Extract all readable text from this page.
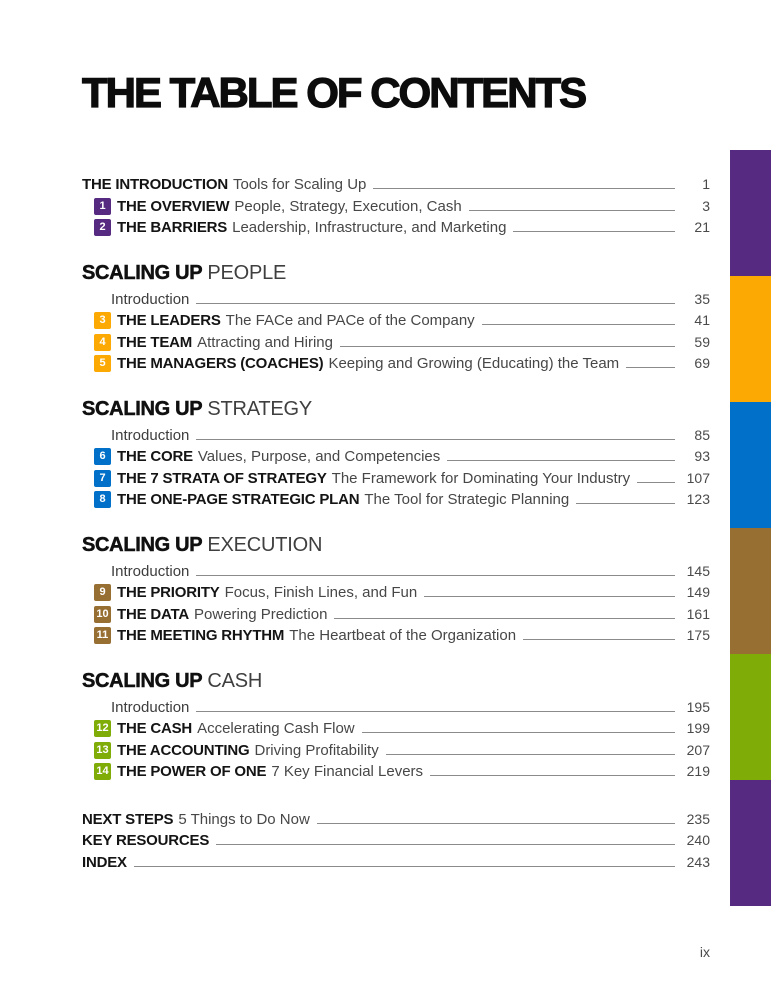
THE TABLE OF CONTENTS
THE INTRODUCTION Tools for Scaling Up	1
1 THE OVERVIEW People, Strategy, Execution, Cash	3
2 THE BARRIERS Leadership, Infrastructure, and Marketing	21
SCALING UP PEOPLE
Introduction	35
3 THE LEADERS The FACe and PACe of the Company	41
4 THE TEAM Attracting and Hiring	59
5 THE MANAGERS (COACHES) Keeping and Growing (Educating) the Team	69
SCALING UP STRATEGY
Introduction	85
6 THE CORE Values, Purpose, and Competencies	93
7 THE 7 STRATA OF STRATEGY The Framework for Dominating Your Industry	107
8 THE ONE-PAGE STRATEGIC PLAN The Tool for Strategic Planning	123
SCALING UP EXECUTION
Introduction	145
9 THE PRIORITY Focus, Finish Lines, and Fun	149
10 THE DATA Powering Prediction	161
11 THE MEETING RHYTHM The Heartbeat of the Organization	175
SCALING UP CASH
Introduction	195
12 THE CASH Accelerating Cash Flow	199
13 THE ACCOUNTING Driving Profitability	207
14 THE POWER OF ONE 7 Key Financial Levers	219
NEXT STEPS 5 Things to Do Now	235
KEY RESOURCES	240
INDEX	243
ix
